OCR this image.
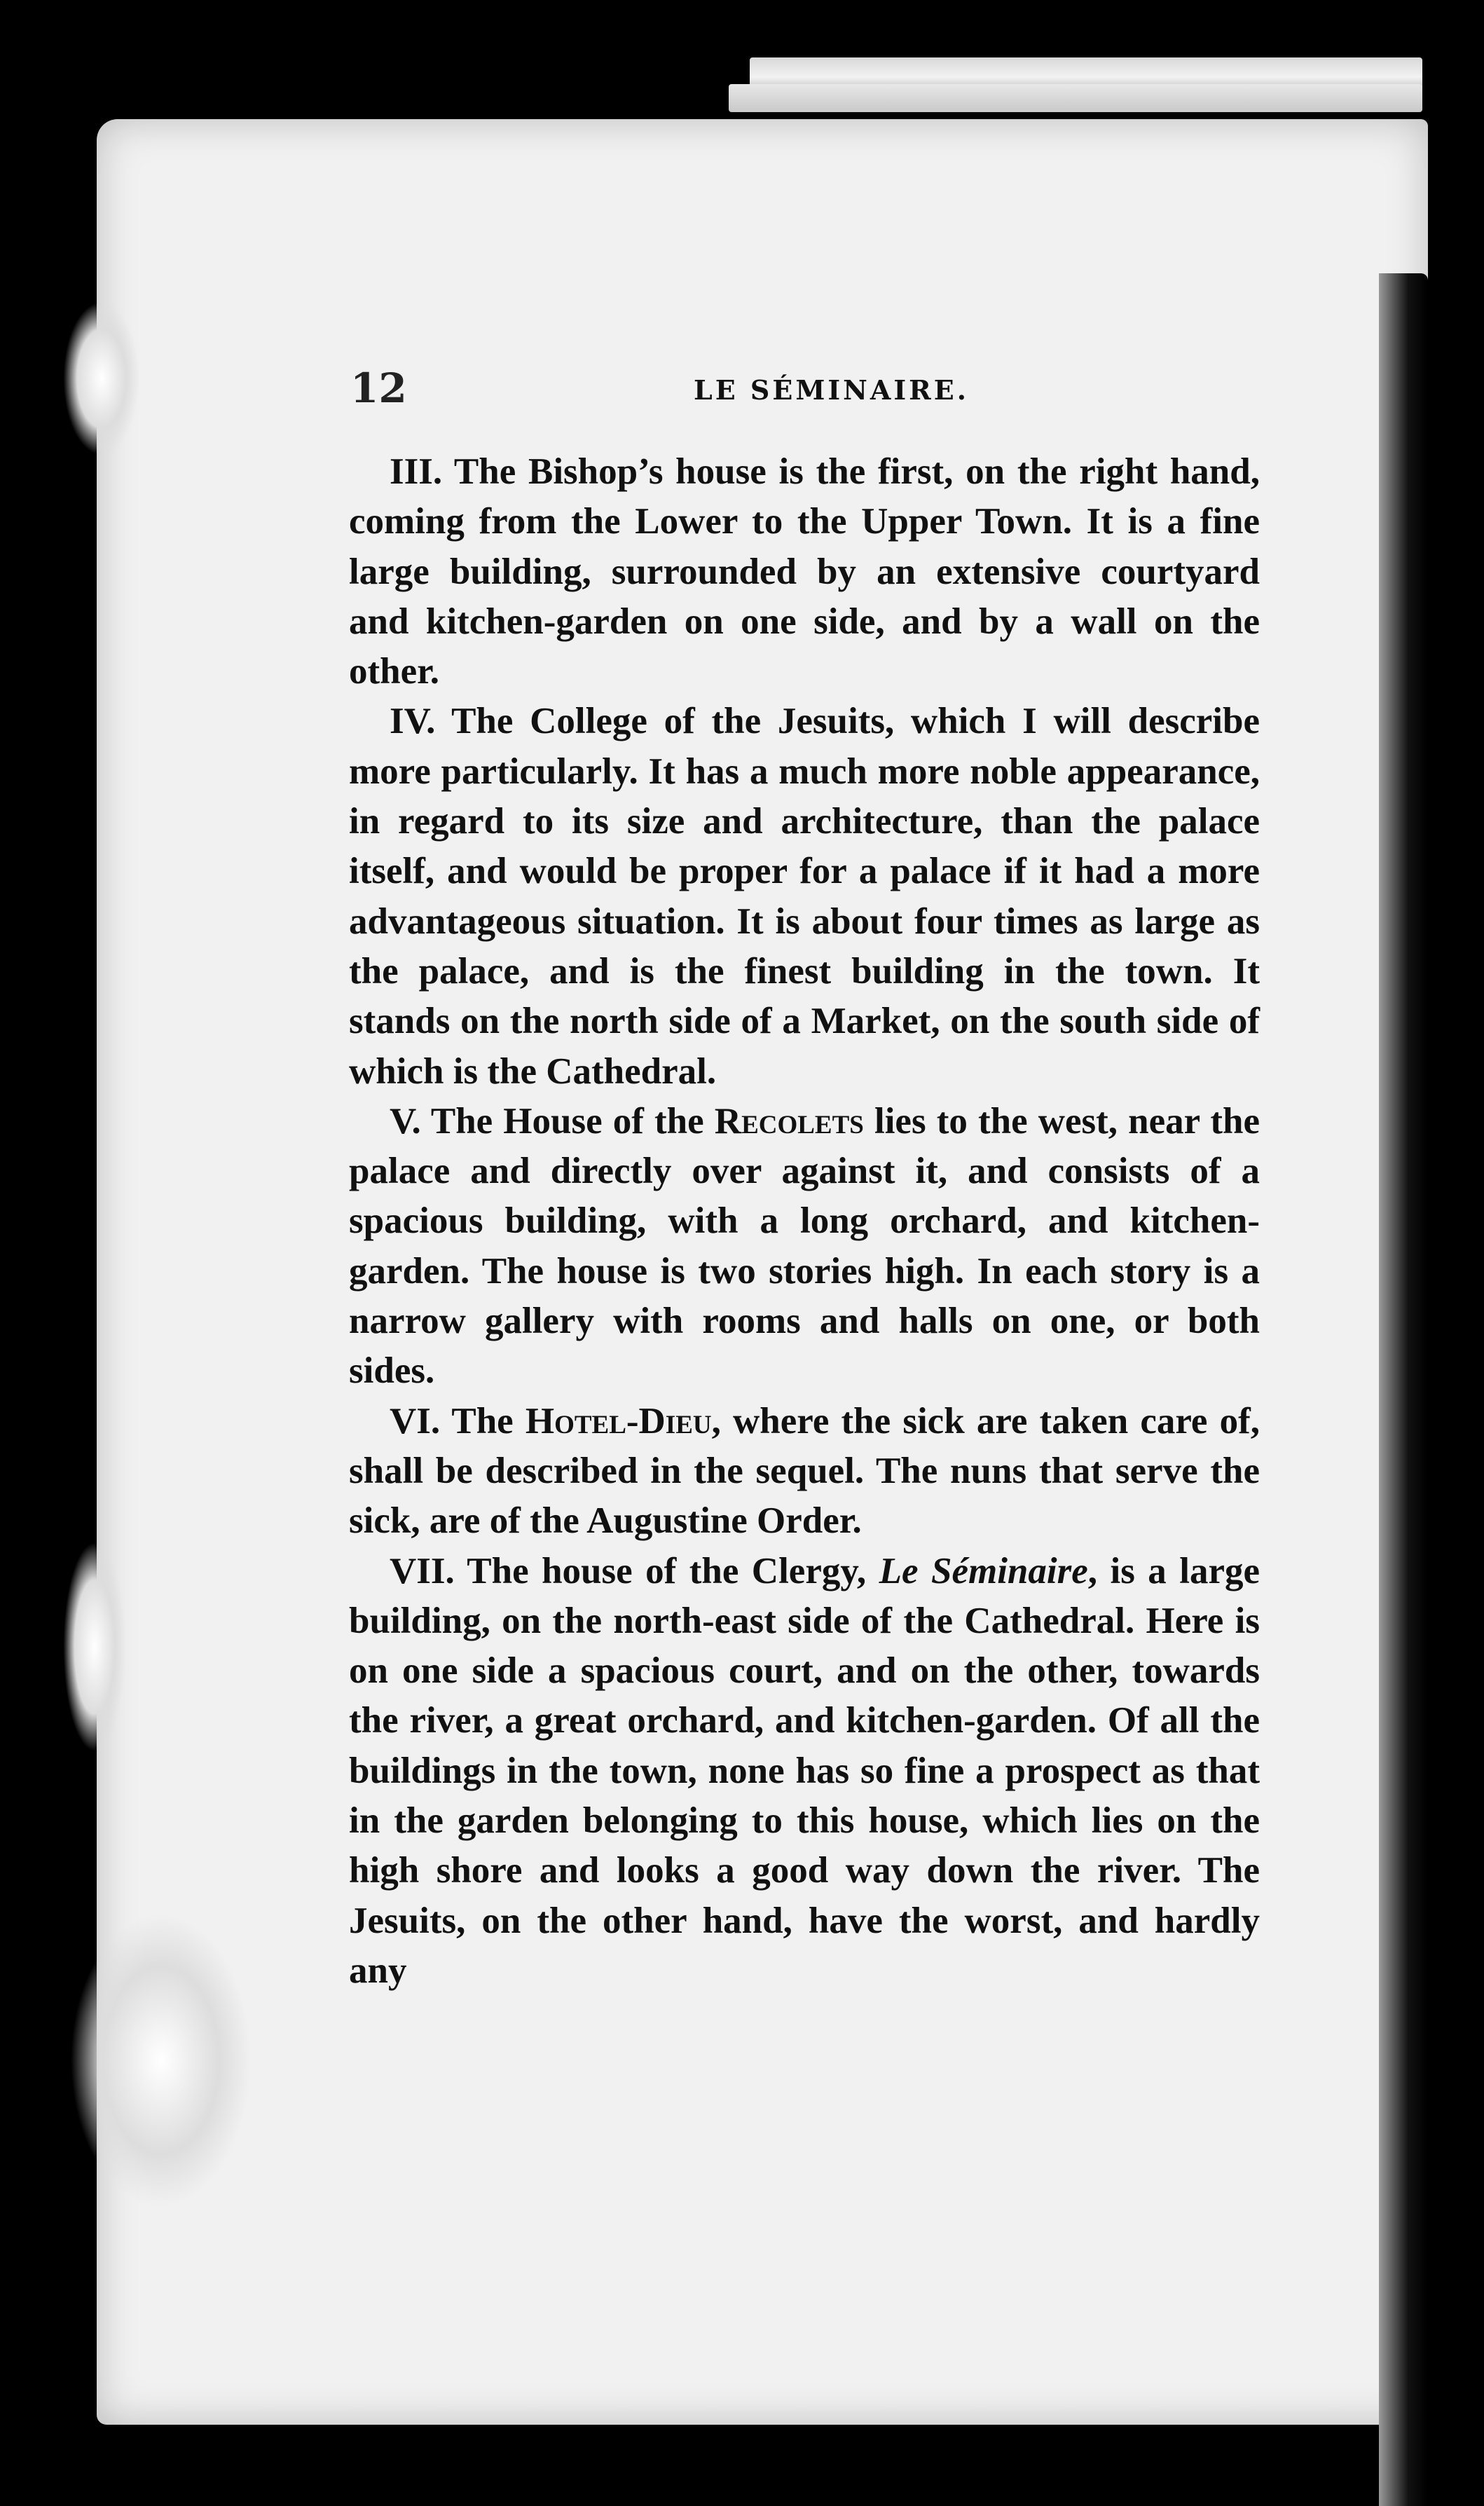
12	LE SÉMINAIRE.

III. The Bishop’s house is the first, on the right hand, coming from the Lower to the Upper Town. It is a fine large building, surrounded by an extensive courtyard and kitchen-garden on one side, and by a wall on the other.

IV. The College of the Jesuits, which I will describe more particularly. It has a much more noble appearance, in regard to its size and architecture, than the palace itself, and would be proper for a palace if it had a more advantageous situation. It is about four times as large as the palace, and is the finest building in the town. It stands on the north side of a Market, on the south side of which is the Cathedral.

V. The House of the Recolets lies to the west, near the palace and directly over against it, and consists of a spacious building, with a long orchard, and kitchen-garden. The house is two stories high. In each story is a narrow gallery with rooms and halls on one, or both sides.

VI. The Hotel-Dieu, where the sick are taken care of, shall be described in the sequel. The nuns that serve the sick, are of the Augustine Order.

VII. The house of the Clergy, Le Séminaire, is a large building, on the north-east side of the Cathedral. Here is on one side a spacious court, and on the other, towards the river, a great orchard, and kitchen-garden. Of all the buildings in the town, none has so fine a prospect as that in the garden belonging to this house, which lies on the high shore and looks a good way down the river. The Jesuits, on the other hand, have the worst, and hardly any
